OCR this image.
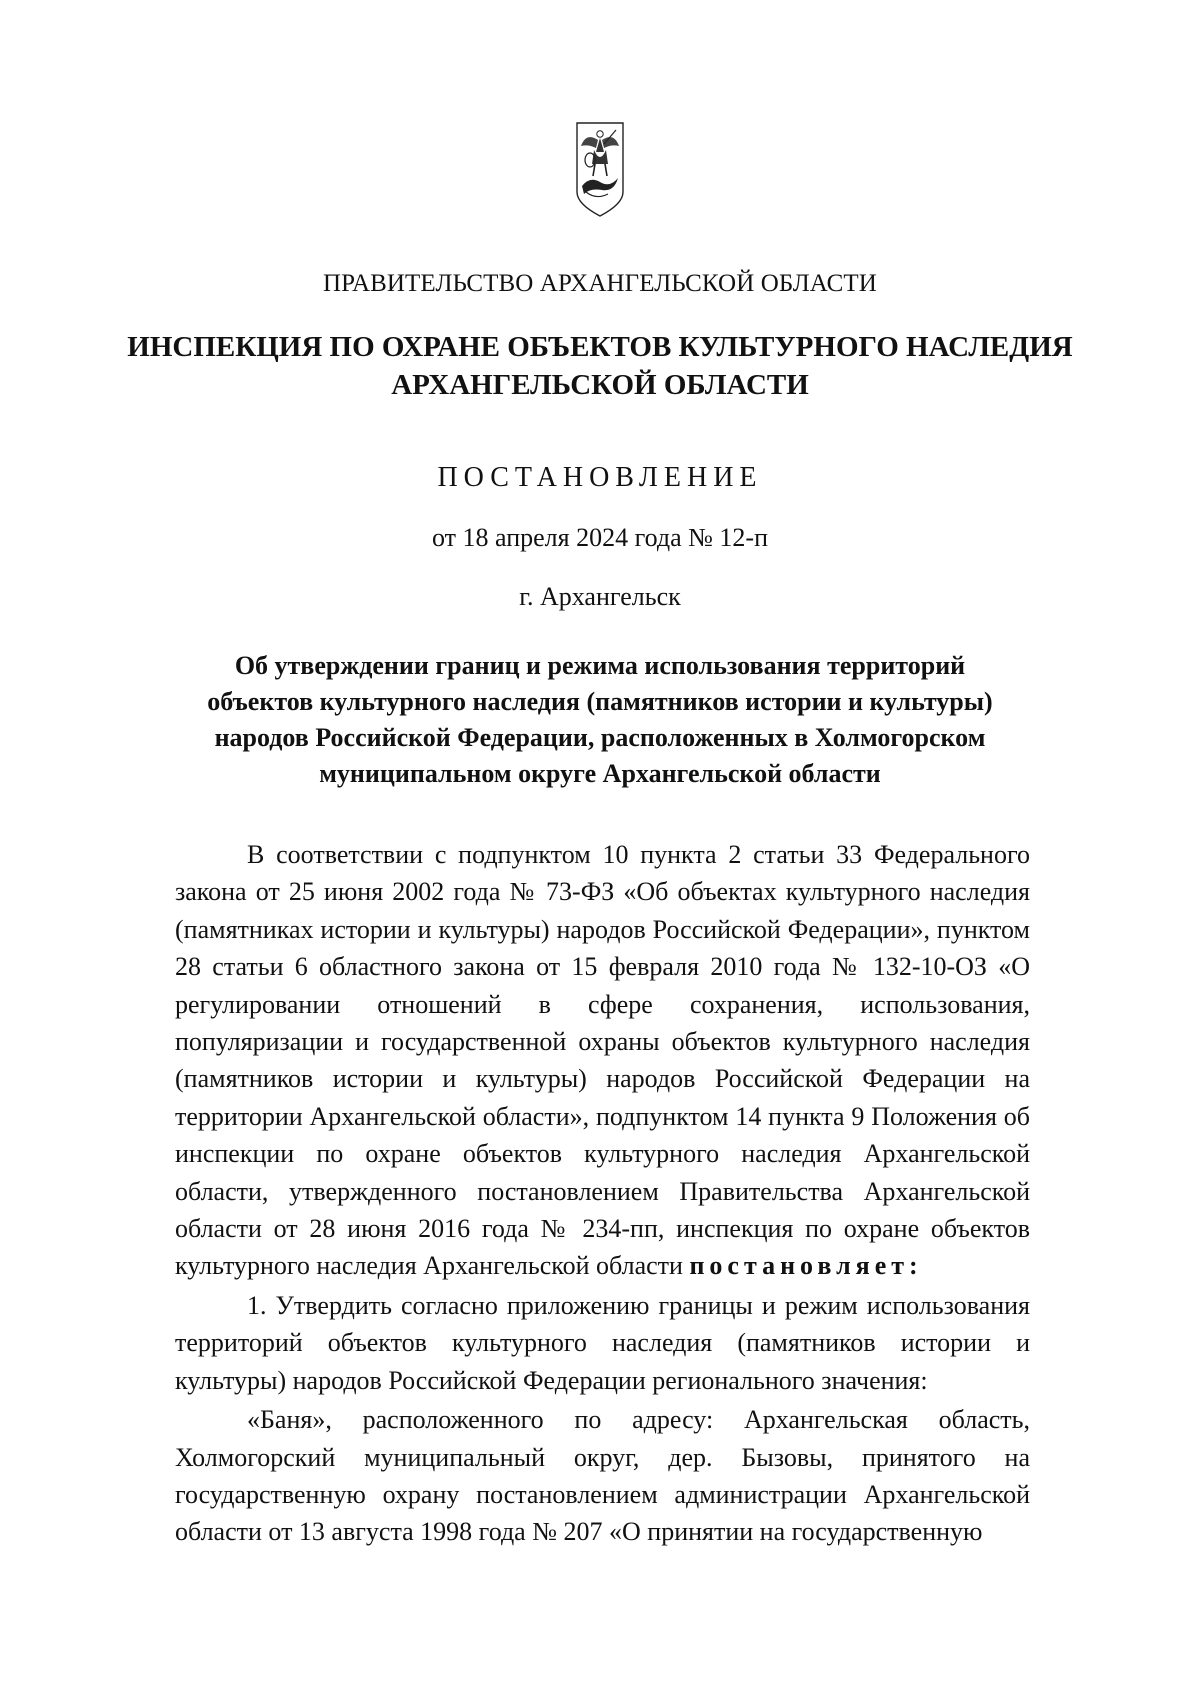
ПРАВИТЕЛЬСТВО АРХАНГЕЛЬСКОЙ ОБЛАСТИ
ИНСПЕКЦИЯ ПО ОХРАНЕ ОБЪЕКТОВ КУЛЬТУРНОГО НАСЛЕДИЯ
АРХАНГЕЛЬСКОЙ ОБЛАСТИ
ПОСТАНОВЛЕНИЕ
от 18 апреля 2024 года № 12-п
г. Архангельск
Об утверждении границ и режима использования территорий
объектов культурного наследия (памятников истории и культуры)
народов Российской Федерации, расположенных в Холмогорском
муниципальном округе Архангельской области

В соответствии с подпунктом 10 пункта 2 статьи 33 Федерального закона от 25 июня 2002 года № 73-ФЗ «Об объектах культурного наследия (памятниках истории и культуры) народов Российской Федерации», пунктом 28 статьи 6 областного закона от 15 февраля 2010 года № 132-10-ОЗ «О регулировании отношений в сфере сохранения, использования, популяризации и государственной охраны объектов культурного наследия (памятников истории и культуры) народов Российской Федерации на территории Архангельской области», подпунктом 14 пункта 9 Положения об инспекции по охране объектов культурного наследия Архангельской области, утвержденного постановлением Правительства Архангельской области от 28 июня 2016 года № 234-пп, инспекция по охране объектов культурного наследия Архангельской области постановляет:

1. Утвердить согласно приложению границы и режим использования территорий объектов культурного наследия (памятников истории и культуры) народов Российской Федерации регионального значения:

«Баня», расположенного по адресу: Архангельская область, Холмогорский муниципальный округ, дер. Бызовы, принятого на государственную охрану постановлением администрации Архангельской области от 13 августа 1998 года № 207 «О принятии на государственную
